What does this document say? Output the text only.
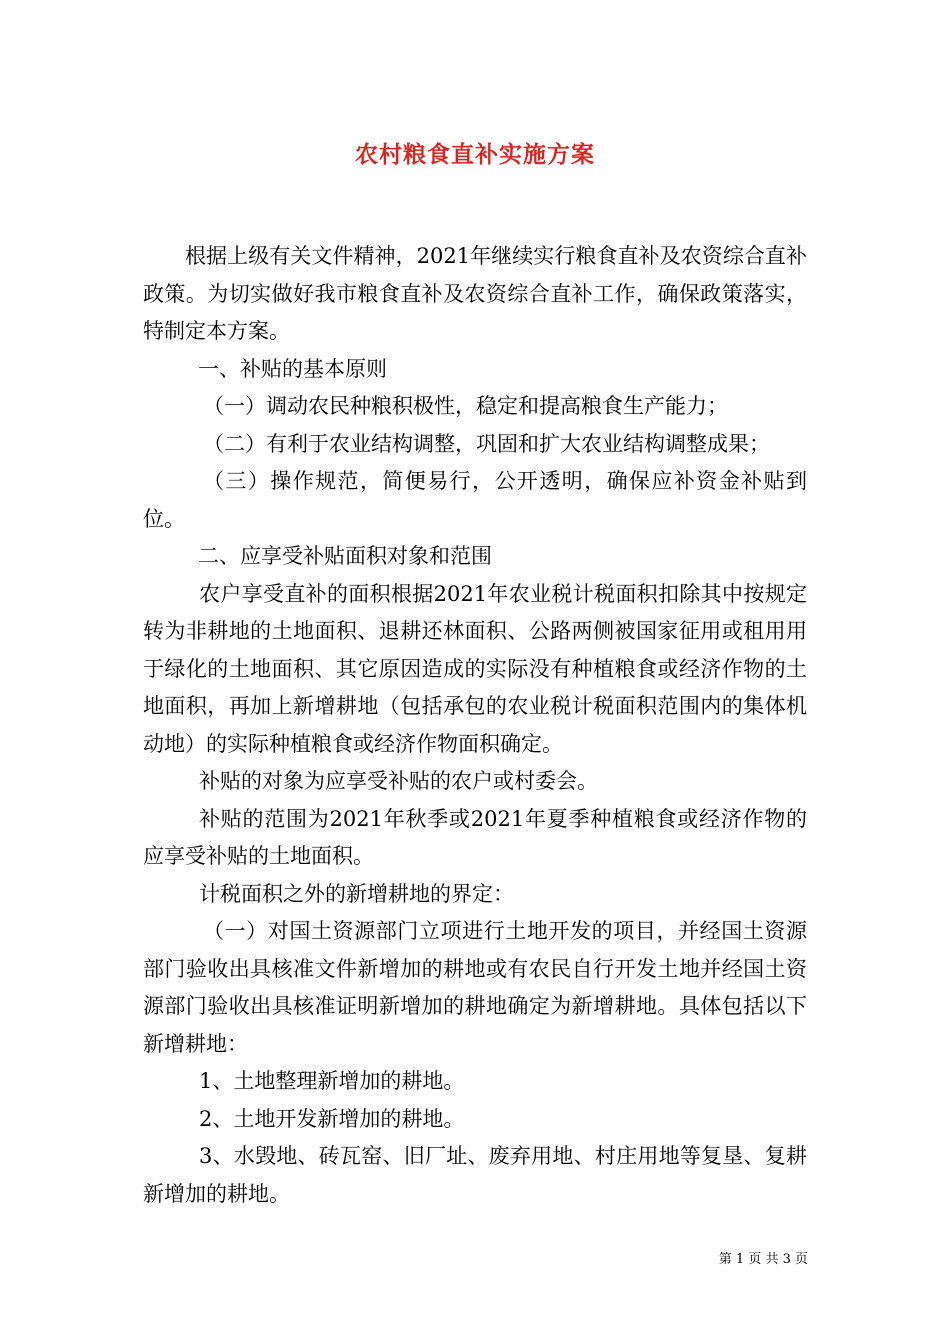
农村粮食直补实施方案

根据上级有关文件精神，2021年继续实行粮食直补及农资综合直补政策。为切实做好我市粮食直补及农资综合直补工作，确保政策落实，特制定本方案。

一、补贴的基本原则

（一）调动农民种粮积极性，稳定和提高粮食生产能力；

（二）有利于农业结构调整，巩固和扩大农业结构调整成果；

（三）操作规范，简便易行，公开透明，确保应补资金补贴到位。

二、应享受补贴面积对象和范围

农户享受直补的面积根据2021年农业税计税面积扣除其中按规定转为非耕地的土地面积、退耕还林面积、公路两侧被国家征用或租用用于绿化的土地面积、其它原因造成的实际没有种植粮食或经济作物的土地面积，再加上新增耕地（包括承包的农业税计税面积范围内的集体机动地）的实际种植粮食或经济作物面积确定。

补贴的对象为应享受补贴的农户或村委会。

补贴的范围为2021年秋季或2021年夏季种植粮食或经济作物的应享受补贴的土地面积。

计税面积之外的新增耕地的界定：

（一）对国土资源部门立项进行土地开发的项目，并经国土资源部门验收出具核准文件新增加的耕地或有农民自行开发土地并经国土资源部门验收出具核准证明新增加的耕地确定为新增耕地。具体包括以下新增耕地：

1、土地整理新增加的耕地。

2、土地开发新增加的耕地。

3、水毁地、砖瓦窑、旧厂址、废弃用地、村庄用地等复垦、复耕新增加的耕地。

第 1 页 共 3 页
